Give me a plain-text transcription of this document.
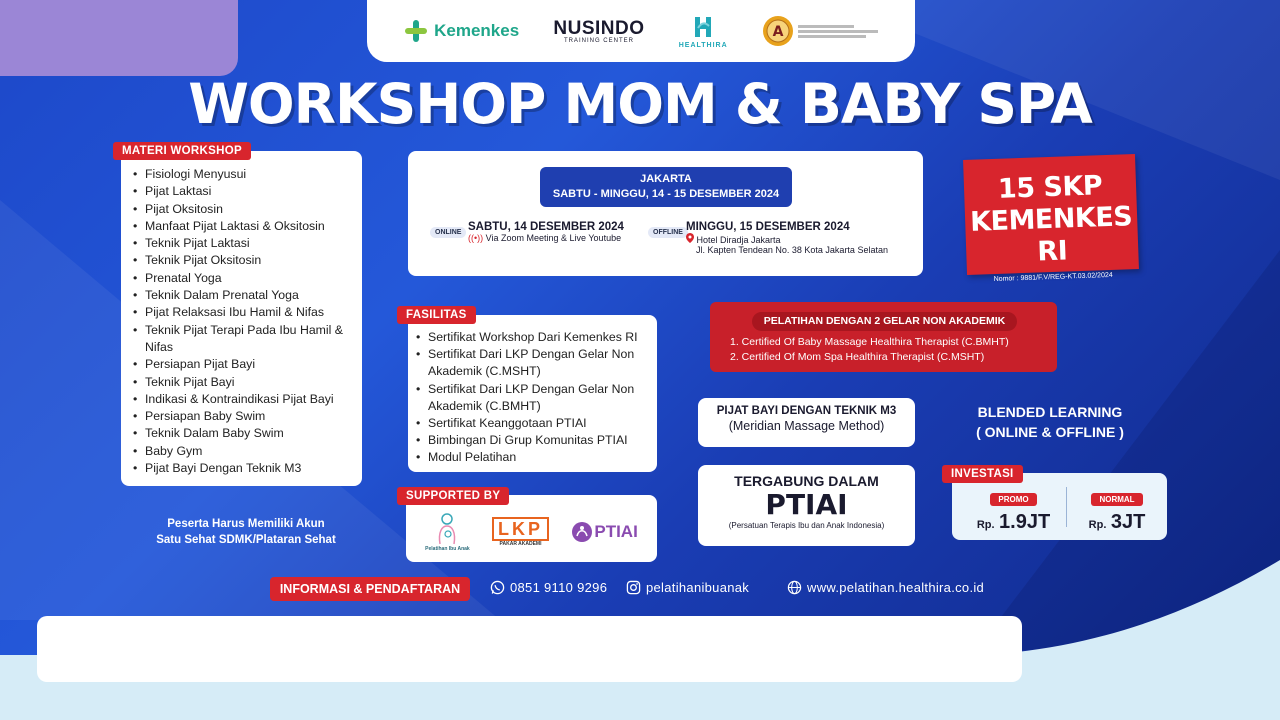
Kemenkes NUSINDO
TRAINING CENTER
HEALTHIRA
A
WORKSHOP MOM & BABY SPA
• Fisiologi Menyusui
• Pijat Laktasi
• Pijat Oksitosin
• Manfaat Pijat Laktasi & Oksitosin
• Teknik Pijat Laktasi
• Teknik Pijat Oksitosin
• Prenatal Yoga
• Teknik Dalam Prenatal Yoga
• Pijat Relaksasi Ibu Hamil & Nifas
• Teknik Pijat Terapi Pada Ibu Hamil & Nifas
• Persiapan Pijat Bayi
• Teknik Pijat Bayi
• Indikasi & Kontraindikasi Pijat Bayi
• Persiapan Baby Swim
• Teknik Dalam Baby Swim
• Baby Gym
• Pijat Bayi Dengan Teknik M3
MATERI WORKSHOP
JAKARTA
SABTU - MINGGU, 14 - 15 DESEMBER 2024
ONLINE SABTU, 14 DESEMBER 2024
((•)) Via Zoom Meeting & Live Youtube
OFFLINE MINGGU, 15 DESEMBER 2024
Hotel Diradja Jakarta
Jl. Kapten Tendean No. 38 Kota Jakarta Selatan
15 SKP
KEMENKES RI
Nomor : 9881/F.V/REG-KT.03.02/2024
• Sertifikat Workshop Dari Kemenkes RI
• Sertifikat Dari LKP Dengan Gelar Non Akademik (C.MSHT)
• Sertifikat Dari LKP Dengan Gelar Non Akademik (C.BMHT)
• Sertifikat Keanggotaan PTIAI
• Bimbingan Di Grup Komunitas PTIAI
• Modul Pelatihan
FASILITAS
Pelatihan Ibu Anak
LKP
PAKAR AKADEMI
PTIAI
SUPPORTED BY
PELATIHAN DENGAN 2 GELAR NON AKADEMIK
1. Certified Of Baby Massage Healthira Therapist (C.BMHT)
2. Certified Of Mom Spa Healthira Therapist (C.MSHT)
PIJAT BAYI DENGAN TEKNIK M3
(Meridian Massage Method)
BLENDED LEARNING
( ONLINE & OFFLINE )
TERGABUNG DALAM
PTIAI
(Persatuan Terapis Ibu dan Anak Indonesia)
PROMO
Rp. 1.9JT
NORMAL
Rp. 3JT
INVESTASI
Peserta Harus Memiliki Akun
Satu Sehat SDMK/Plataran Sehat
INFORMASI & PENDAFTARAN	0851 9110 9296	pelatihanibuanak	www.pelatihan.healthira.co.id
